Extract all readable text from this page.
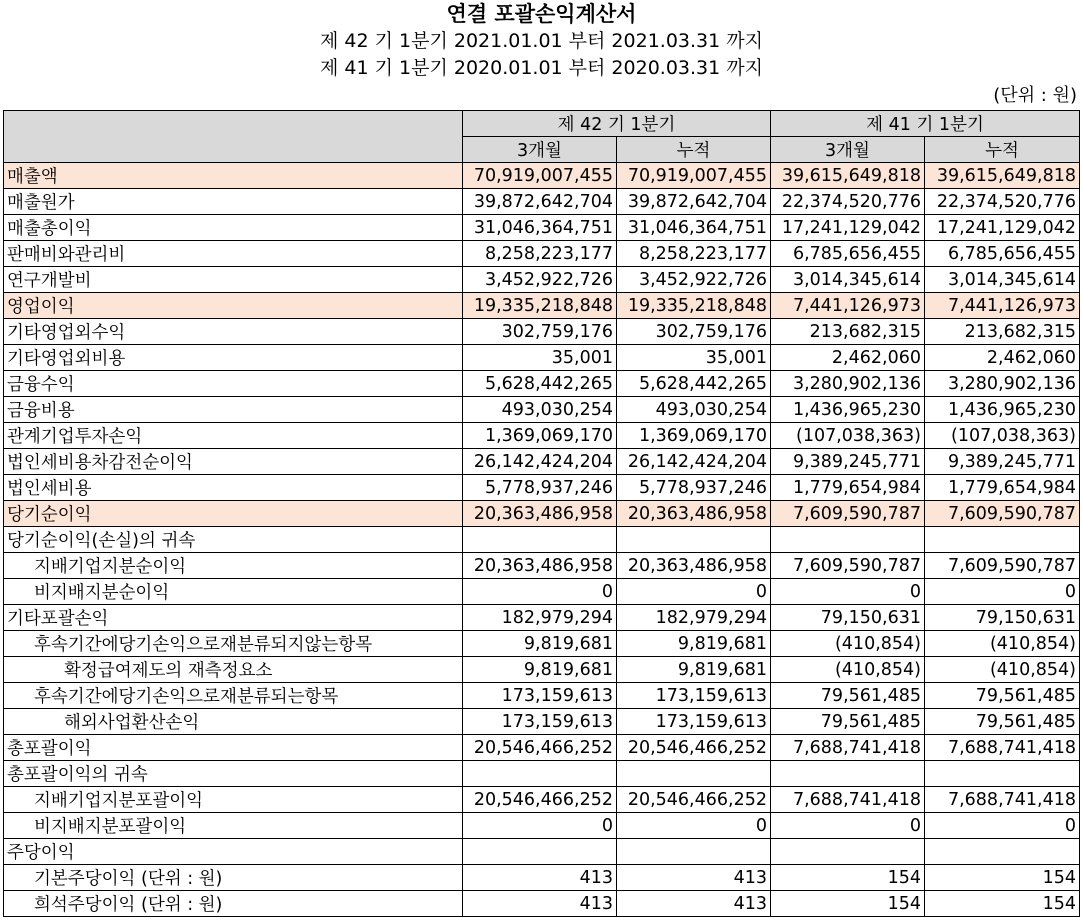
연결 포괄손익계산서
제 42 기 1분기 2021.01.01 부터 2021.03.31 까지
제 41 기 1분기 2020.01.01 부터 2020.03.31 까지
(단위 : 원)
	제 42 기 1분기		제 41 기 1분기	
	3개월	누적	3개월	누적
매출액	70,919,007,455	70,919,007,455	39,615,649,818	39,615,649,818
매출원가	39,872,642,704	39,872,642,704	22,374,520,776	22,374,520,776
매출총이익	31,046,364,751	31,046,364,751	17,241,129,042	17,241,129,042
판매비와관리비	8,258,223,177	8,258,223,177	6,785,656,455	6,785,656,455
연구개발비	3,452,922,726	3,452,922,726	3,014,345,614	3,014,345,614
영업이익	19,335,218,848	19,335,218,848	7,441,126,973	7,441,126,973
기타영업외수익	302,759,176	302,759,176	213,682,315	213,682,315
기타영업외비용	35,001	35,001	2,462,060	2,462,060
금융수익	5,628,442,265	5,628,442,265	3,280,902,136	3,280,902,136
금융비용	493,030,254	493,030,254	1,436,965,230	1,436,965,230
관계기업투자손익	1,369,069,170	1,369,069,170	(107,038,363)	(107,038,363)
법인세비용차감전순이익	26,142,424,204	26,142,424,204	9,389,245,771	9,389,245,771
법인세비용	5,778,937,246	5,778,937,246	1,779,654,984	1,779,654,984
당기순이익	20,363,486,958	20,363,486,958	7,609,590,787	7,609,590,787
당기순이익(손실)의 귀속				
지배기업지분순이익	20,363,486,958	20,363,486,958	7,609,590,787	7,609,590,787
비지배지분순이익	0	0	0	0
기타포괄손익	182,979,294	182,979,294	79,150,631	79,150,631
후속기간에당기손익으로재분류되지않는항목	9,819,681	9,819,681	(410,854)	(410,854)
확정급여제도의 재측정요소	9,819,681	9,819,681	(410,854)	(410,854)
후속기간에당기손익으로재분류되는항목	173,159,613	173,159,613	79,561,485	79,561,485
해외사업환산손익	173,159,613	173,159,613	79,561,485	79,561,485
총포괄이익	20,546,466,252	20,546,466,252	7,688,741,418	7,688,741,418
총포괄이익의 귀속				
지배기업지분포괄이익	20,546,466,252	20,546,466,252	7,688,741,418	7,688,741,418
비지배지분포괄이익	0	0	0	0
주당이익				
기본주당이익 (단위 : 원)	413	413	154	154
희석주당이익 (단위 : 원)	413	413	154	154
